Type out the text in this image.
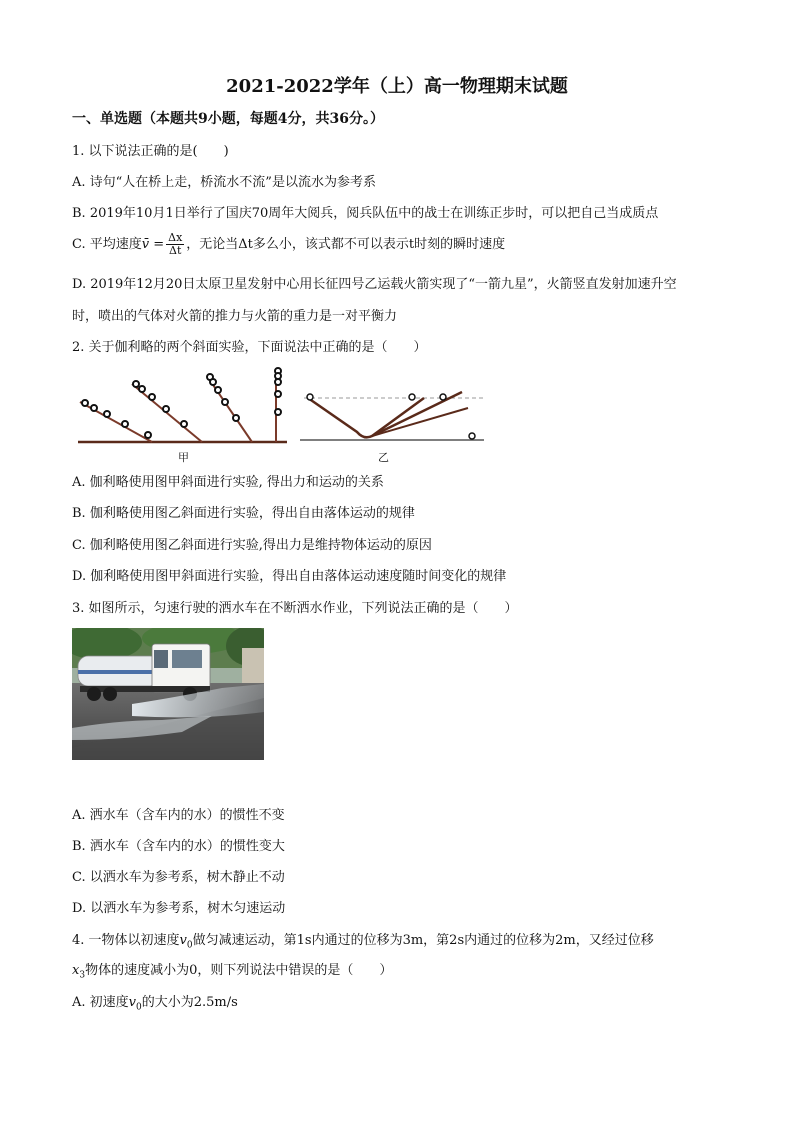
2021-2022学年（上）高一物理期末试题
一、单选题（本题共9小题，每题4分，共36分。）
1. 以下说法正确的是(　　)
A. 诗句“人在桥上走，桥流水不流”是以流水为参考系
B. 2019年10月1日举行了国庆70周年大阅兵，阅兵队伍中的战士在训练正步时，可以把自己当成质点
C. 平均速度v̄ = $\frac{\Delta x}{\Delta t}$ ，无论当Δt多么小，该式都不可以表示t时刻的瞬时速度
D. 2019年12月20日太原卫星发射中心用长征四号乙运载火箭实现了“一箭九星”，火箭竖直发射加速升空
时，喷出的气体对火箭的推力与火箭的重力是一对平衡力
2. 关于伽利略的两个斜面实验，下面说法中正确的是（　　）
甲	乙
A. 伽利略使用图甲斜面进行实验, 得出力和运动的关系
B. 伽利略使用图乙斜面进行实验，得出自由落体运动的规律
C. 伽利略使用图乙斜面进行实验,得出力是维持物体运动的原因
D. 伽利略使用图甲斜面进行实验，得出自由落体运动速度随时间变化的规律
3. 如图所示，匀速行驶的洒水车在不断洒水作业，下列说法正确的是（　　）
A. 洒水车（含车内的水）的惯性不变
B. 洒水车（含车内的水）的惯性变大
C. 以洒水车为参考系，树木静止不动
D. 以洒水车为参考系，树木匀速运动
4. 一物体以初速度$v_0$做匀减速运动，第1s内通过的位移为3m，第2s内通过的位移为2m，又经过位移
$x_3$物体的速度减小为0，则下列说法中错误的是（　　）
A. 初速度$v_0$的大小为2.5m/s
